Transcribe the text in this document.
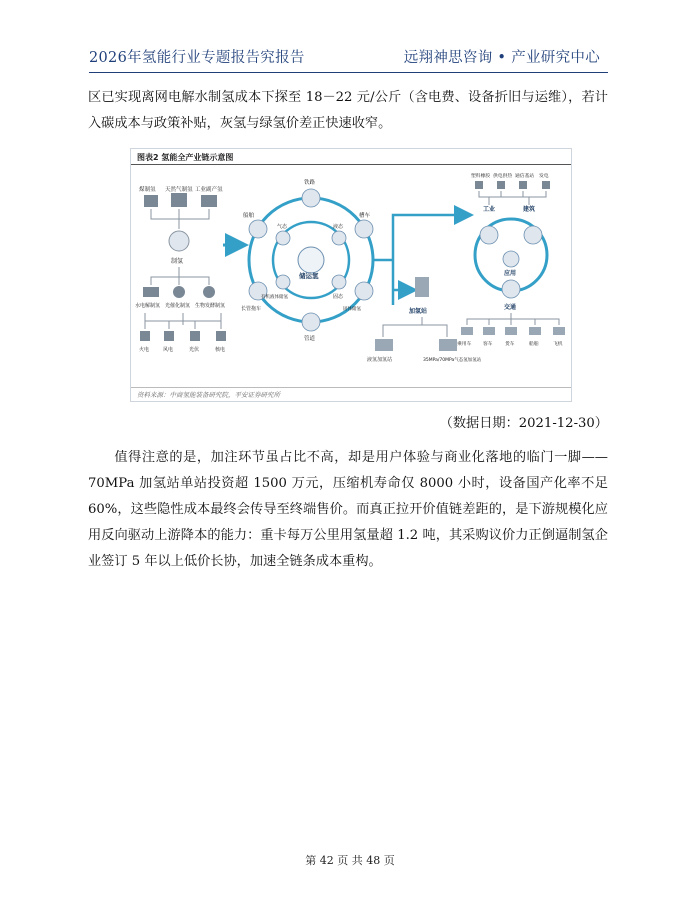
2026年氢能行业专题报告究报告	远翔神思咨询 • 产业研究中心
区已实现离网电解水制氢成本下探至 18－22 元/公斤（含电费、设备折旧与运维），若计入碳成本与政策补贴，灰氢与绿氢价差正快速收窄。
图表2 氢能全产业链示意图
煤制氢 天然气制氢 工业副产氢
制氢
水电解制氢 光催化制氢 生物发酵制氢
火电	风电	光伏	核电
铁路
船舶
气态	液态
槽车
长管拖车
固态
管道
有机液体储氢
固体储氢
储运氢
加氢站
液氢加氢站	35MPa/70MPa气态氢加氢站
塑料橡胶 供电供热 通信基站 发电
工业	建筑
应用
交通
乘用车 客车	货车	船舶	飞机
资料来源：中商氢能装备研究院，平安证券研究所
（数据日期：2021-12-30）
值得注意的是，加注环节虽占比不高，却是用户体验与商业化落地的临门一脚——70MPa 加氢站单站投资超 1500 万元，压缩机寿命仅 8000 小时，设备国产化率不足 60%，这些隐性成本最终会传导至终端售价。而真正拉开价值链差距的，是下游规模化应用反向驱动上游降本的能力：重卡每万公里用氢量超 1.2 吨，其采购议价力正倒逼制氢企业签订 5 年以上低价长协，加速全链条成本重构。
第 42 页 共 48 页
